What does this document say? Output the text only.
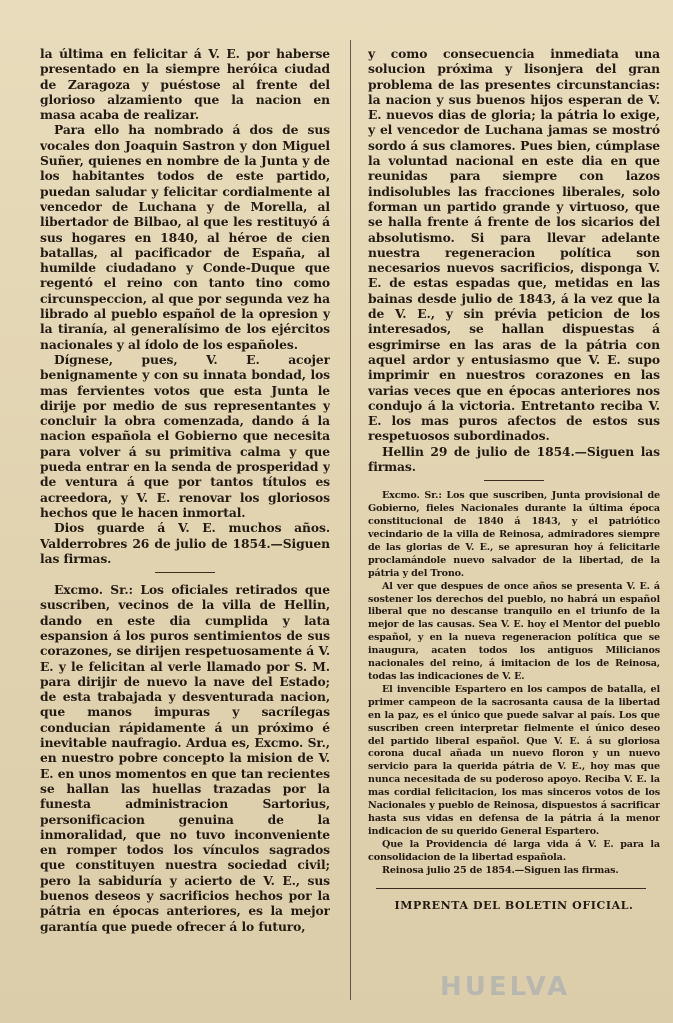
la última en felicitar á V. E. por haberse presentado en la siempre heróica ciudad de Zaragoza y puéstose al frente del glorioso alzamiento que la nacion en masa acaba de realizar.

Para ello ha nombrado á dos de sus vocales don Joaquin Sastron y don Miguel Suñer, quienes en nombre de la Junta y de los habitantes todos de este partido, puedan saludar y felicitar cordialmente al vencedor de Luchana y de Morella, al libertador de Bilbao, al que les restituyó á sus hogares en 1840, al héroe de cien batallas, al pacificador de España, al humilde ciudadano y Conde-Duque que regentó el reino con tanto tino como circunspeccion, al que por segunda vez ha librado al pueblo español de la opresion y la tiranía, al generalísimo de los ejércitos nacionales y al ídolo de los españoles.

Dígnese, pues, V. E. acojer benignamente y con su innata bondad, los mas fervientes votos que esta Junta le dirije por medio de sus representantes y concluir la obra comenzada, dando á la nacion española el Gobierno que necesita para volver á su primitiva calma y que pueda entrar en la senda de prosperidad y de ventura á que por tantos títulos es acreedora, y V. E. renovar los gloriosos hechos que le hacen inmortal.

Dios guarde á V. E. muchos años. Valderrobres 26 de julio de 1854.—Siguen las firmas.

Excmo. Sr.: Los oficiales retirados que suscriben, vecinos de la villa de Hellin, dando en este dia cumplida y lata espansion á los puros sentimientos de sus corazones, se dirijen respetuosamente á V. E. y le felicitan al verle llamado por S. M. para dirijir de nuevo la nave del Estado; de esta trabajada y desventurada nacion, que manos impuras y sacrílegas conducian rápidamente á un próximo é inevitable naufragio. Ardua es, Excmo. Sr., en nuestro pobre concepto la mision de V. E. en unos momentos en que tan recientes se hallan las huellas trazadas por la funesta administracion Sartorius, personificacion genuina de la inmoralidad, que no tuvo inconveniente en romper todos los vínculos sagrados que constituyen nuestra sociedad civil; pero la sabiduría y acierto de V. E., sus buenos deseos y sacrificios hechos por la pátria en épocas anteriores, es la mejor garantía que puede ofrecer á lo futuro,

y como consecuencia inmediata una solucion próxima y lisonjera del gran problema de las presentes circunstancias: la nacion y sus buenos hijos esperan de V. E. nuevos dias de gloria; la pátria lo exige, y el vencedor de Luchana jamas se mostró sordo á sus clamores. Pues bien, cúmplase la voluntad nacional en este dia en que reunidas para siempre con lazos indisolubles las fracciones liberales, solo forman un partido grande y virtuoso, que se halla frente á frente de los sicarios del absolutismo. Si para llevar adelante nuestra regeneracion política son necesarios nuevos sacrificios, disponga V. E. de estas espadas que, metidas en las bainas desde julio de 1843, á la vez que la de V. E., y sin prévia peticion de los interesados, se hallan dispuestas á esgrimirse en las aras de la pátria con aquel ardor y entusiasmo que V. E. supo imprimir en nuestros corazones en las varias veces que en épocas anteriores nos condujo á la victoria. Entretanto reciba V. E. los mas puros afectos de estos sus respetuosos subordinados.

Hellin 29 de julio de 1854.—Siguen las firmas.

Excmo. Sr.: Los que suscriben, Junta provisional de Gobierno, fieles Nacionales durante la última época constitucional de 1840 á 1843, y el patriótico vecindario de la villa de Reinosa, admiradores siempre de las glorias de V. E., se apresuran hoy á felicitarle proclamándole nuevo salvador de la libertad, de la pátria y del Trono.

Al ver que despues de once años se presenta V. E. á sostener los derechos del pueblo, no habrá un español liberal que no descanse tranquilo en el triunfo de la mejor de las causas. Sea V. E. hoy el Mentor del pueblo español, y en la nueva regeneracion política que se inaugura, acaten todos los antiguos Milicianos nacionales del reino, á imitacion de los de Reinosa, todas las indicaciones de V. E.

El invencible Espartero en los campos de batalla, el primer campeon de la sacrosanta causa de la libertad en la paz, es el único que puede salvar al país. Los que suscriben creen interpretar fielmente el único deseo del partido liberal español. Que V. E. á su gloriosa corona ducal añada un nuevo floron y un nuevo servicio para la querida pátria de V. E., hoy mas que nunca necesitada de su poderoso apoyo. Reciba V. E. la mas cordial felicitacion, los mas sinceros votos de los Nacionales y pueblo de Reinosa, dispuestos á sacrificar hasta sus vidas en defensa de la pátria á la menor indicacion de su querido General Espartero.

Que la Providencia dé larga vida á V. E. para la consolidacion de la libertad española.

Reinosa julio 25 de 1854.—Siguen las firmas.

IMPRENTA DEL BOLETIN OFICIAL.

HUELVA
